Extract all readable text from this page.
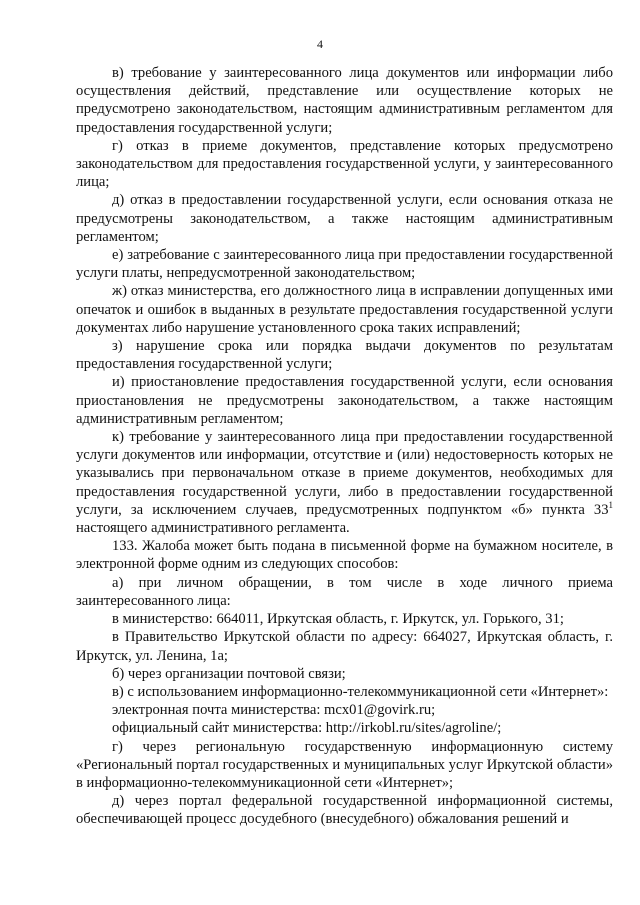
4

в) требование у заинтересованного лица документов или информации либо осуществления действий, представление или осуществление которых не предусмотрено законодательством, настоящим административным регламентом для предоставления государственной услуги;

г) отказ в приеме документов, представление которых предусмотрено законодательством для предоставления государственной услуги, у заинтересованного лица;

д) отказ в предоставлении государственной услуги, если основания отказа не предусмотрены законодательством, а также настоящим административным регламентом;

е) затребование с заинтересованного лица при предоставлении государственной услуги платы, непредусмотренной законодательством;

ж) отказ министерства, его должностного лица в исправлении допущенных ими опечаток и ошибок в выданных в результате предоставления государственной услуги документах либо нарушение установленного срока таких исправлений;

з) нарушение срока или порядка выдачи документов по результатам предоставления государственной услуги;

и) приостановление предоставления государственной услуги, если основания приостановления не предусмотрены законодательством, а также настоящим административным регламентом;

к) требование у заинтересованного лица при предоставлении государственной услуги документов или информации, отсутствие и (или) недостоверность которых не указывались при первоначальном отказе в приеме документов, необходимых для предоставления государственной услуги, либо в предоставлении государственной услуги, за исключением случаев, предусмотренных подпунктом «б» пункта $33^1$ настоящего административного регламента.

133. Жалоба может быть подана в письменной форме на бумажном носителе, в электронной форме одним из следующих способов:

а) при личном обращении, в том числе в ходе личного приема заинтересованного лица:

в министерство: 664011, Иркутская область, г. Иркутск, ул. Горького, 31;

в Правительство Иркутской области по адресу: 664027, Иркутская область, г. Иркутск, ул. Ленина, 1а;

б) через организации почтовой связи;

в) с использованием информационно-телекоммуникационной сети «Интернет»:

электронная почта министерства: mcx01@govirk.ru;

официальный сайт министерства: http://irkobl.ru/sites/agroline/;

г) через региональную государственную информационную систему «Региональный портал государственных и муниципальных услуг Иркутской области» в информационно-телекоммуникационной сети «Интернет»;

д) через портал федеральной государственной информационной системы, обеспечивающей процесс досудебного (внесудебного) обжалования решений и
